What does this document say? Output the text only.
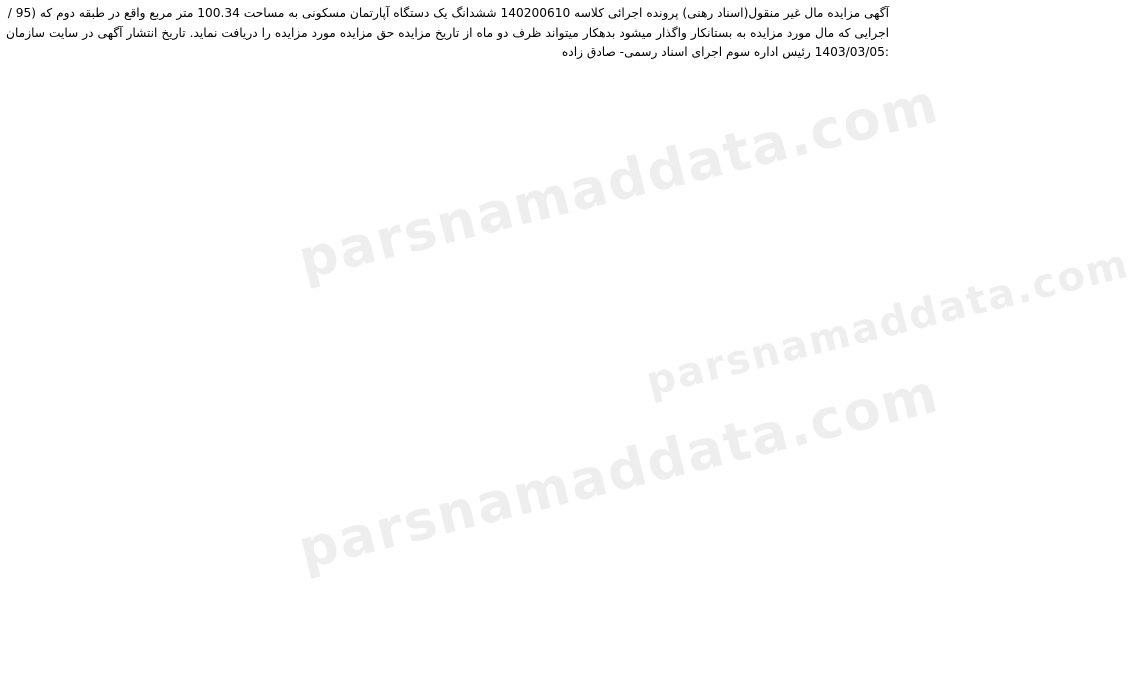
آگهی مزایده مال غیر منقول(اسناد رهنی) پرونده اجرائی کلاسه 140200610 ششدانگ یک دستگاه آپارتمان مسکونی به مساحت 100.34 متر مربع واقع در طبقه دوم که (95 /

اجرایی که مال مورد مزایده به بستانکار واگذار میشود بدهکار میتواند ظرف دو ماه از تاریخ مزایده حق مزایده مورد مزایده را دریافت نماید. تاریخ انتشار آگهی در سایت سازمان :1403/03/05 رئیس اداره سوم اجرای اسناد رسمی- صادق زاده

parsnamaddata.com
parsnamaddata.com
parsnamaddata.com
